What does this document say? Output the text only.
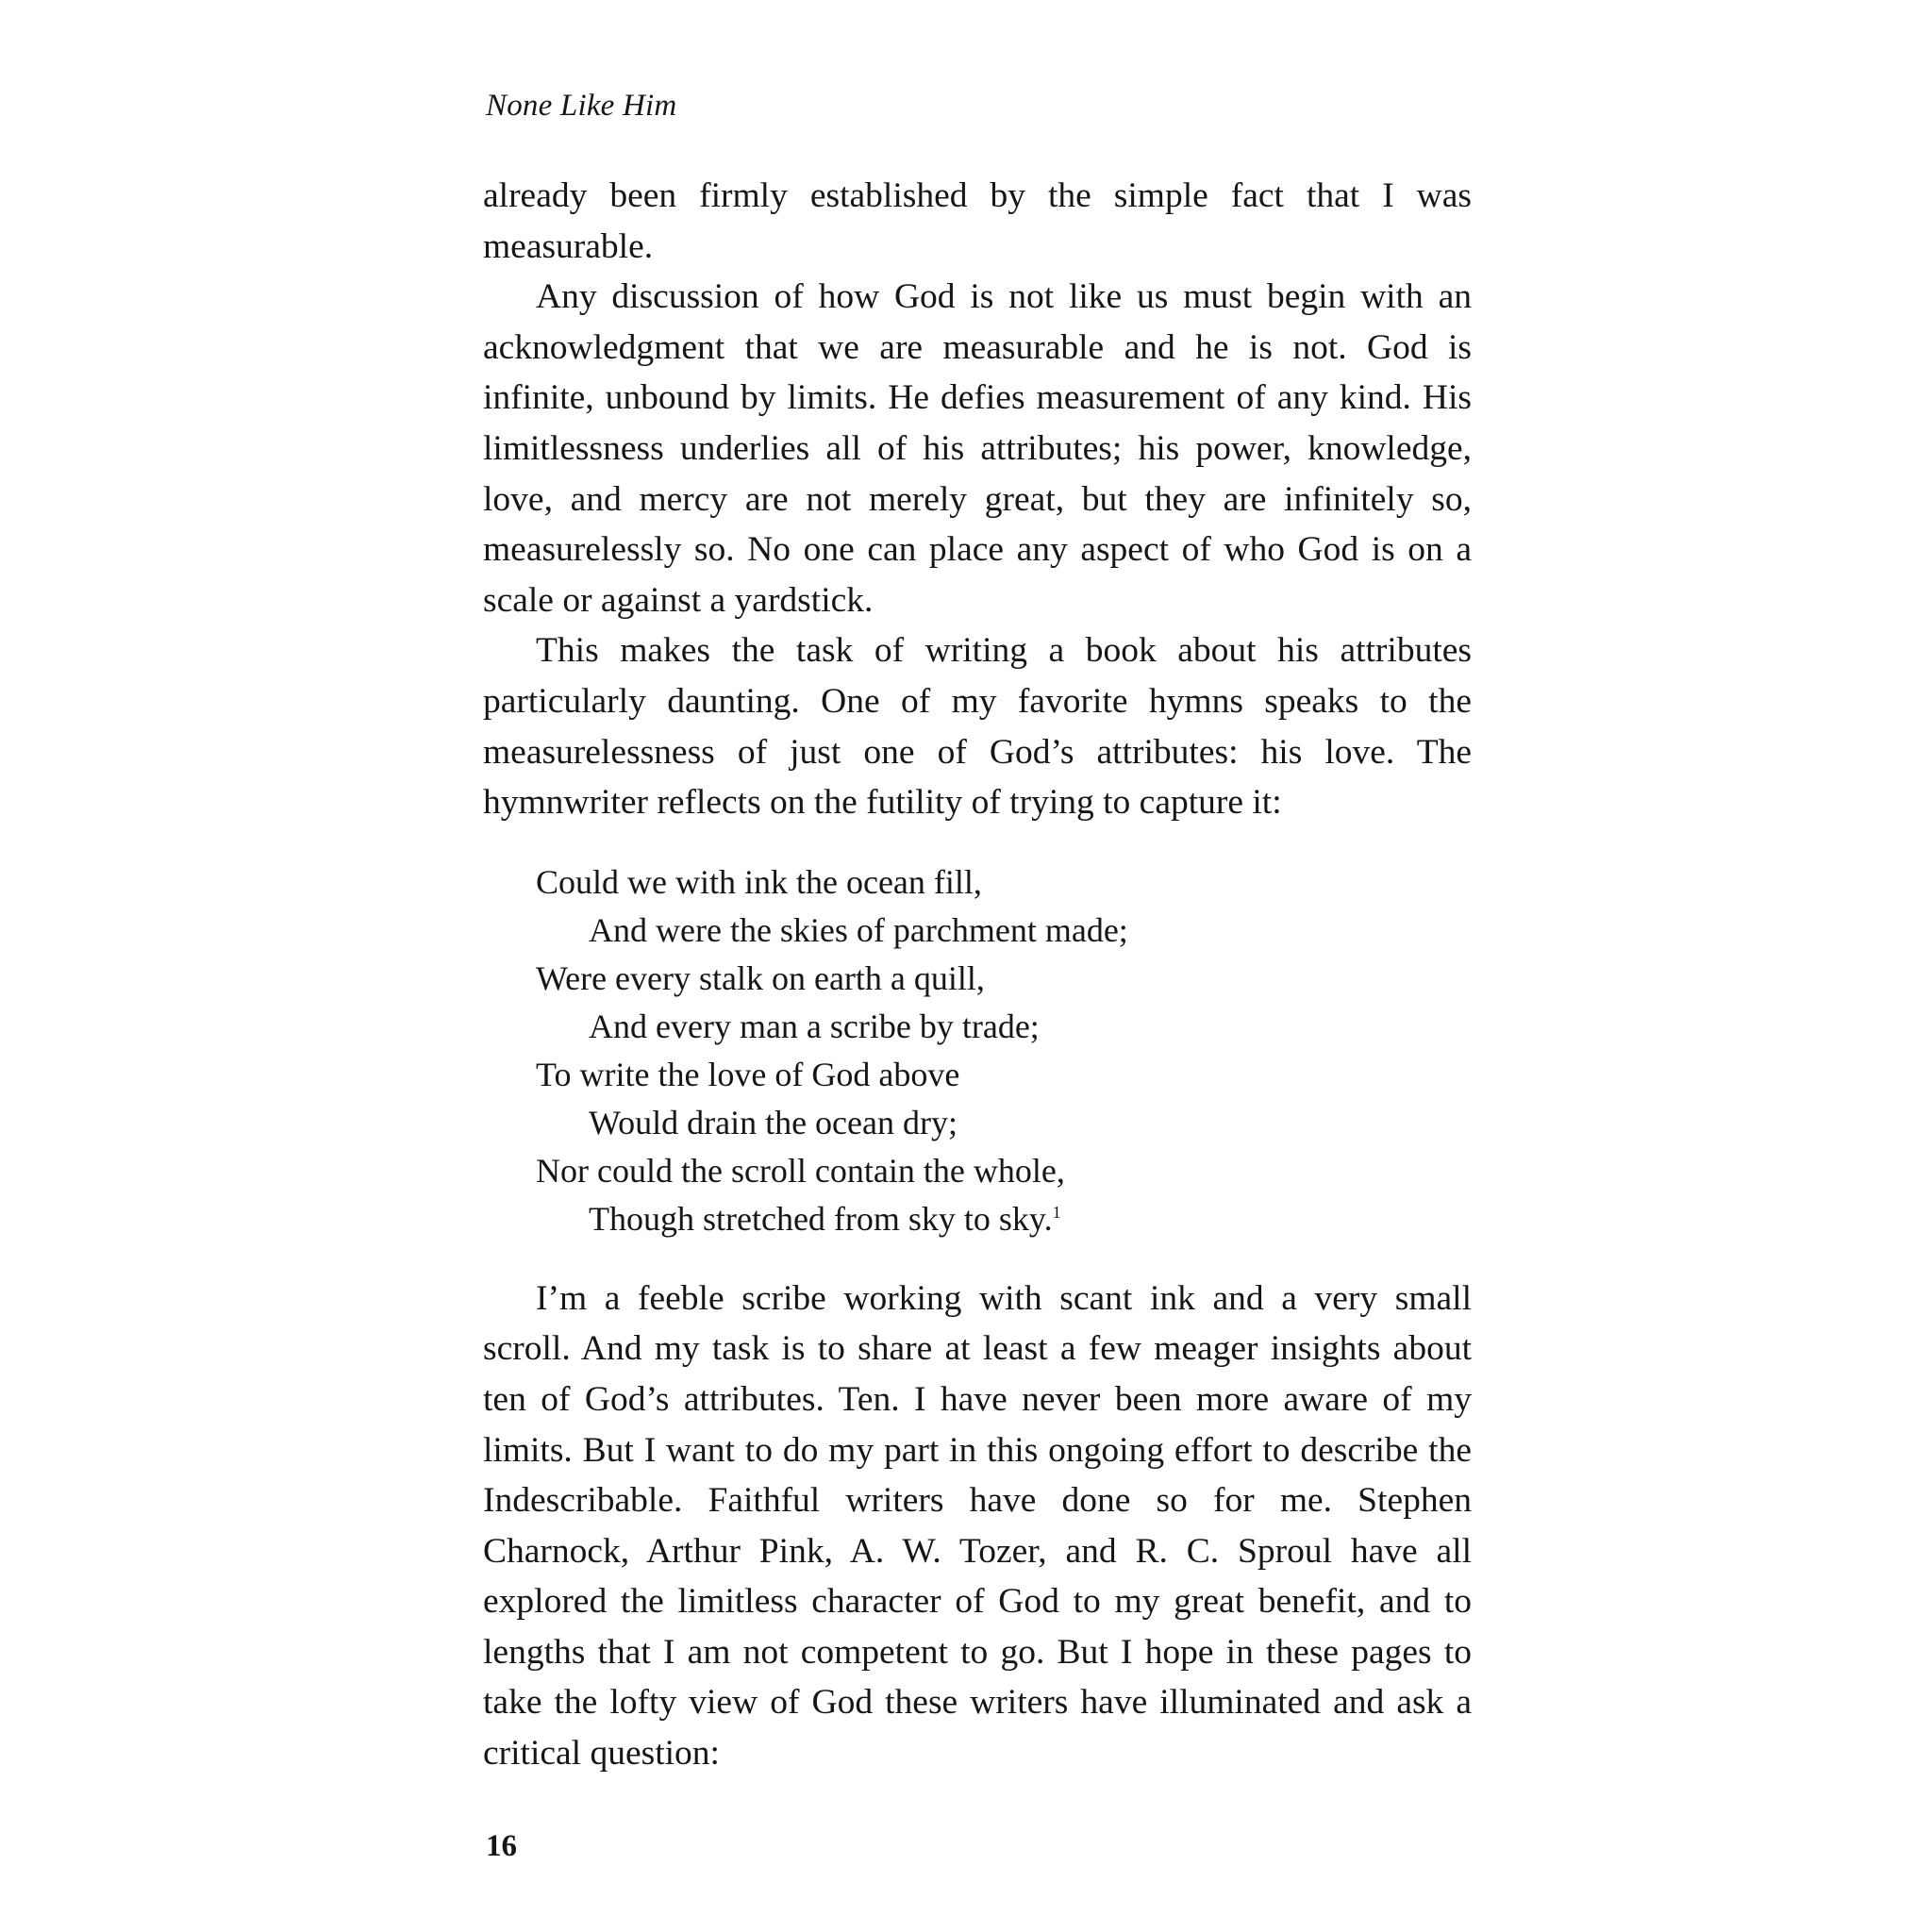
None Like Him

already been firmly established by the simple fact that I was measurable.

Any discussion of how God is not like us must begin with an acknowledgment that we are measurable and he is not. God is infinite, unbound by limits. He defies measurement of any kind. His limitlessness underlies all of his attributes; his power, knowledge, love, and mercy are not merely great, but they are infinitely so, measurelessly so. No one can place any aspect of who God is on a scale or against a yardstick.

This makes the task of writing a book about his attributes particularly daunting. One of my favorite hymns speaks to the measurelessness of just one of God’s attributes: his love. The hymnwriter reflects on the futility of trying to capture it:

Could we with ink the ocean fill,
And were the skies of parchment made;
Were every stalk on earth a quill,
And every man a scribe by trade;
To write the love of God above
Would drain the ocean dry;
Nor could the scroll contain the whole,
Though stretched from sky to sky.$^1$

I’m a feeble scribe working with scant ink and a very small scroll. And my task is to share at least a few meager insights about ten of God’s attributes. Ten. I have never been more aware of my limits. But I want to do my part in this ongoing effort to describe the Indescribable. Faithful writers have done so for me. Stephen Charnock, Arthur Pink, A. W. Tozer, and R. C. Sproul have all explored the limitless character of God to my great benefit, and to lengths that I am not competent to go. But I hope in these pages to take the lofty view of God these writers have illuminated and ask a critical question:

16
